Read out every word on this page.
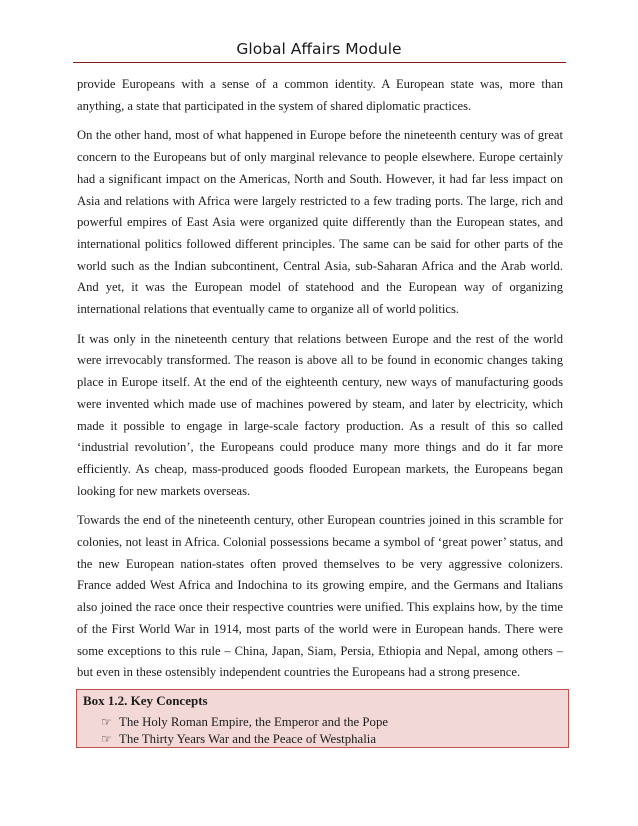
Global Affairs Module

provide Europeans with a sense of a common identity. A European state was, more than anything, a state that participated in the system of shared diplomatic practices.

On the other hand, most of what happened in Europe before the nineteenth century was of great concern to the Europeans but of only marginal relevance to people elsewhere. Europe certainly had a significant impact on the Americas, North and South. However, it had far less impact on Asia and relations with Africa were largely restricted to a few trading ports. The large, rich and powerful empires of East Asia were organized quite differently than the European states, and international politics followed different principles. The same can be said for other parts of the world such as the Indian subcontinent, Central Asia, sub-Saharan Africa and the Arab world. And yet, it was the European model of statehood and the European way of organizing international relations that eventually came to organize all of world politics.

It was only in the nineteenth century that relations between Europe and the rest of the world were irrevocably transformed. The reason is above all to be found in economic changes taking place in Europe itself. At the end of the eighteenth century, new ways of manufacturing goods were invented which made use of machines powered by steam, and later by electricity, which made it possible to engage in large-scale factory production. As a result of this so called ‘industrial revolution’, the Europeans could produce many more things and do it far more efficiently. As cheap, mass-produced goods flooded European markets, the Europeans began looking for new markets overseas.

Towards the end of the nineteenth century, other European countries joined in this scramble for colonies, not least in Africa. Colonial possessions became a symbol of ‘great power’ status, and the new European nation-states often proved themselves to be very aggressive colonizers. France added West Africa and Indochina to its growing empire, and the Germans and Italians also joined the race once their respective countries were unified. This explains how, by the time of the First World War in 1914, most parts of the world were in European hands. There were some exceptions to this rule – China, Japan, Siam, Persia, Ethiopia and Nepal, among others – but even in these ostensibly independent countries the Europeans had a strong presence.

Box 1.2. Key Concepts
☞ The Holy Roman Empire, the Emperor and the Pope
☞ The Thirty Years War and the Peace of Westphalia
